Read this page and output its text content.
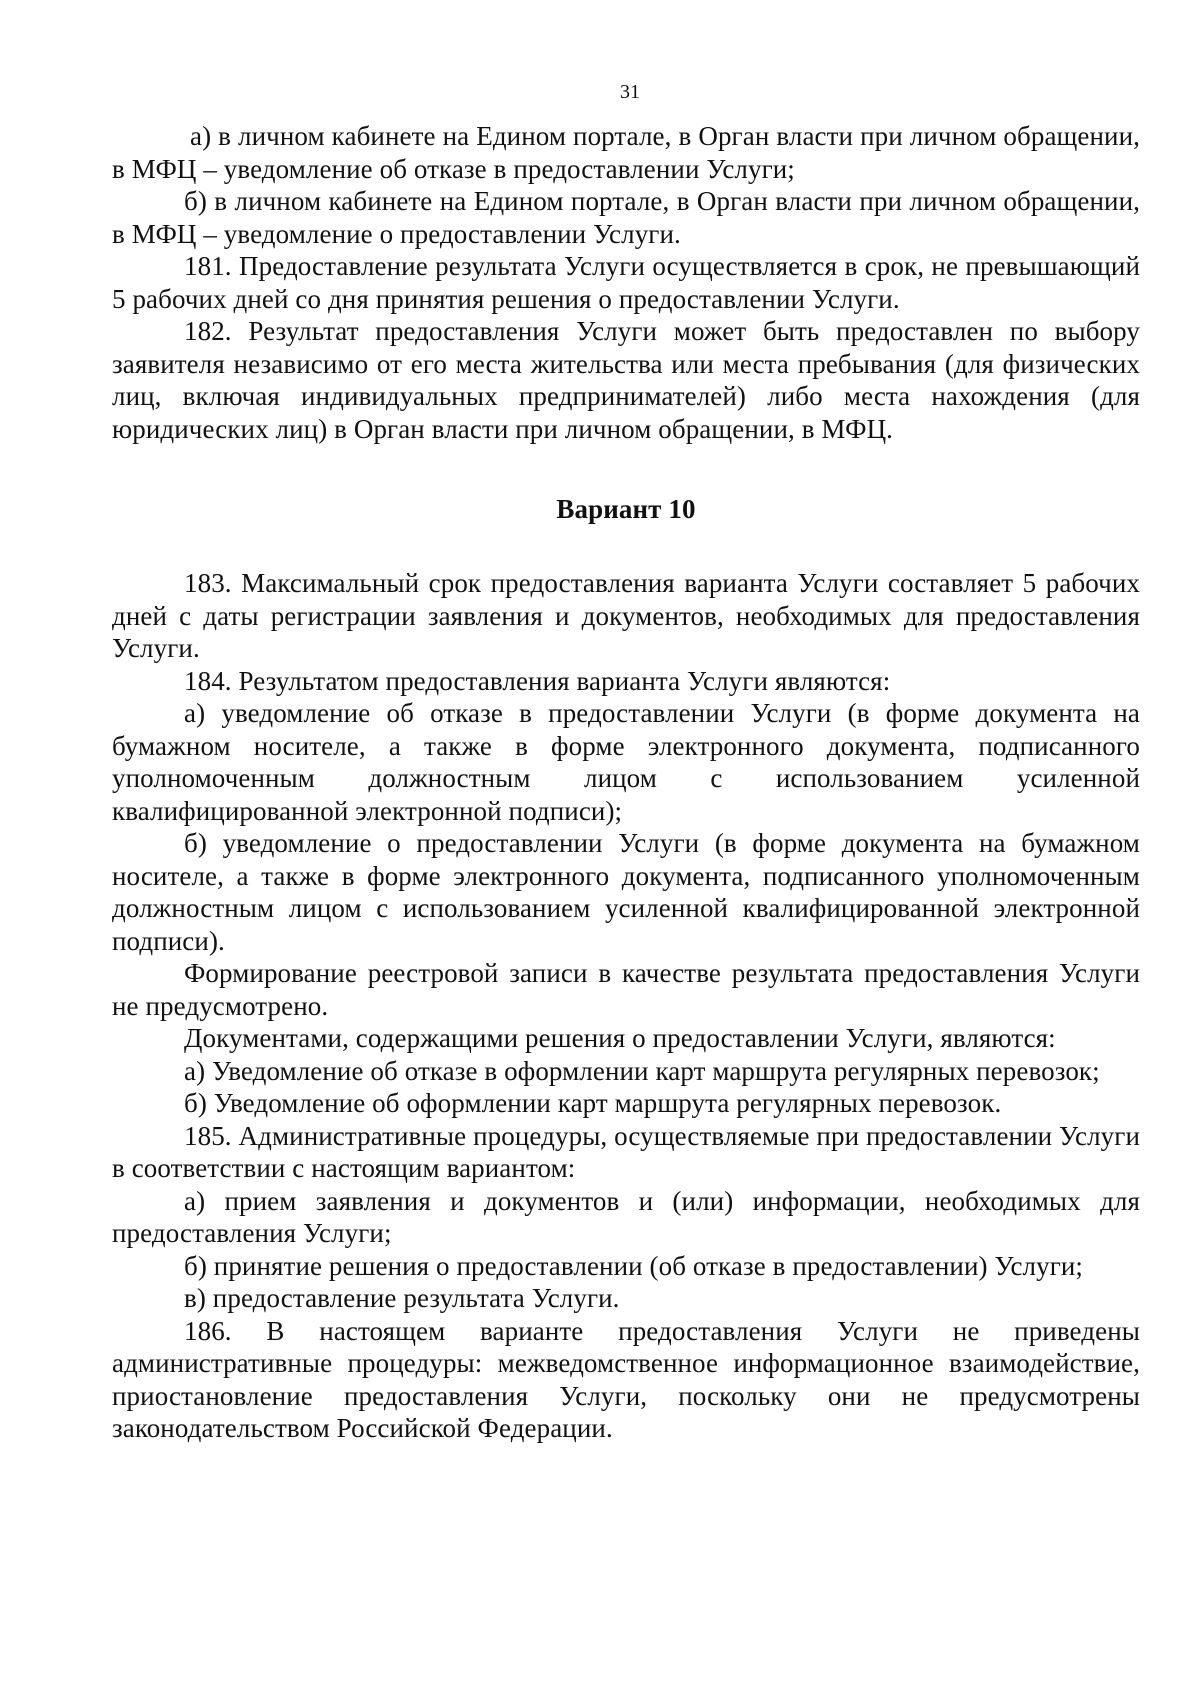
31

а) в личном кабинете на Едином портале, в Орган власти при личном обращении, в МФЦ – уведомление об отказе в предоставлении Услуги;

б) в личном кабинете на Едином портале, в Орган власти при личном обращении, в МФЦ – уведомление о предоставлении Услуги.

181. Предоставление результата Услуги осуществляется в срок, не превышающий 5 рабочих дней со дня принятия решения о предоставлении Услуги.

182. Результат предоставления Услуги может быть предоставлен по выбору заявителя независимо от его места жительства или места пребывания (для физических лиц, включая индивидуальных предпринимателей) либо места нахождения (для юридических лиц) в Орган власти при личном обращении, в МФЦ.

Вариант 10

183. Максимальный срок предоставления варианта Услуги составляет 5 рабочих дней с даты регистрации заявления и документов, необходимых для предоставления Услуги.

184. Результатом предоставления варианта Услуги являются:

а) уведомление об отказе в предоставлении Услуги (в форме документа на бумажном носителе, а также в форме электронного документа, подписанного уполномоченным должностным лицом с использованием усиленной квалифицированной электронной подписи);

б) уведомление о предоставлении Услуги (в форме документа на бумажном носителе, а также в форме электронного документа, подписанного уполномоченным должностным лицом с использованием усиленной квалифицированной электронной подписи).

Формирование реестровой записи в качестве результата предоставления Услуги не предусмотрено.

Документами, содержащими решения о предоставлении Услуги, являются:

а) Уведомление об отказе в оформлении карт маршрута регулярных перевозок;

б) Уведомление об оформлении карт маршрута регулярных перевозок.

185. Административные процедуры, осуществляемые при предоставлении Услуги в соответствии с настоящим вариантом:

а) прием заявления и документов и (или) информации, необходимых для предоставления Услуги;

б) принятие решения о предоставлении (об отказе в предоставлении) Услуги;

в) предоставление результата Услуги.

186. В настоящем варианте предоставления Услуги не приведены административные процедуры: межведомственное информационное взаимодействие, приостановление предоставления Услуги, поскольку они не предусмотрены законодательством Российской Федерации.
